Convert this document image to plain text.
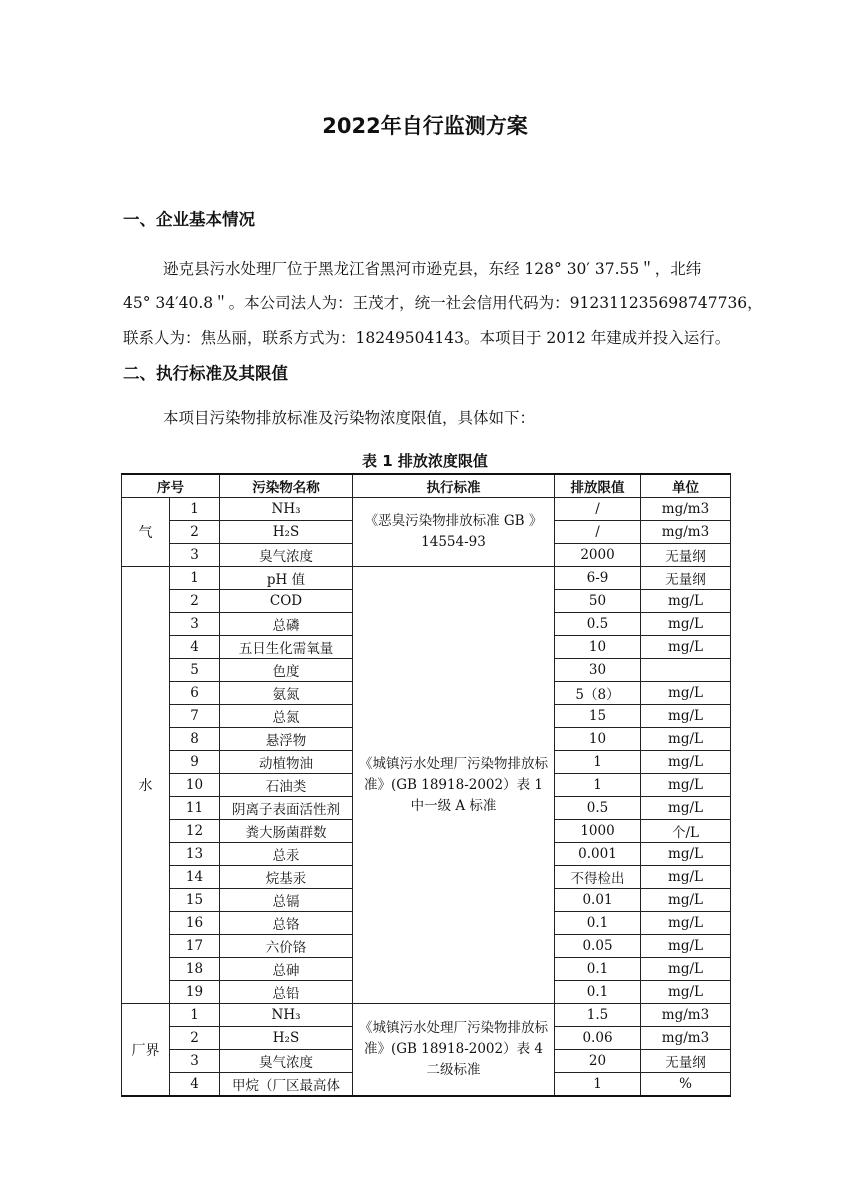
2022年自行监测方案
一、企业基本情况
逊克县污水处理厂位于黑龙江省黑河市逊克县，东经 128° 30′ 37.55＂，北纬
45° 34′40.8＂。本公司法人为：王茂才，统一社会信用代码为：912311235698747736，
联系人为：焦丛丽，联系方式为：18249504143。本项目于 2012 年建成并投入运行。
二、执行标准及其限值
本项目污染物排放标准及污染物浓度限值，具体如下：
表 1 排放浓度限值
序号		污染物名称	执行标准	排放限值	单位
气	1	NH₃	《恶臭污染物排放标准 GB 》14554-93	/	mg/m3
	2	H₂S		/	mg/m3
	3	臭气浓度		2000	无量纲
水	1	pH 值	《城镇污水处理厂污染物排放标准》(GB 18918-2002）表 1 中一级 A 标准	6-9	无量纲
	2	COD		50	mg/L
	3	总磷		0.5	mg/L
	4	五日生化需氧量		10	mg/L
	5	色度		30	
	6	氨氮		5（8）	mg/L
	7	总氮		15	mg/L
	8	悬浮物		10	mg/L
	9	动植物油		1	mg/L
	10	石油类		1	mg/L
	11	阴离子表面活性剂		0.5	mg/L
	12	粪大肠菌群数		1000	个/L
	13	总汞		0.001	mg/L
	14	烷基汞		不得检出	mg/L
	15	总镉		0.01	mg/L
	16	总铬		0.1	mg/L
	17	六价铬		0.05	mg/L
	18	总砷		0.1	mg/L
	19	总铅		0.1	mg/L
厂界	1	NH₃	《城镇污水处理厂污染物排放标准》(GB 18918-2002）表 4 二级标准	1.5	mg/m3
	2	H₂S		0.06	mg/m3
	3	臭气浓度		20	无量纲
	4	甲烷（厂区最高体		1	%
